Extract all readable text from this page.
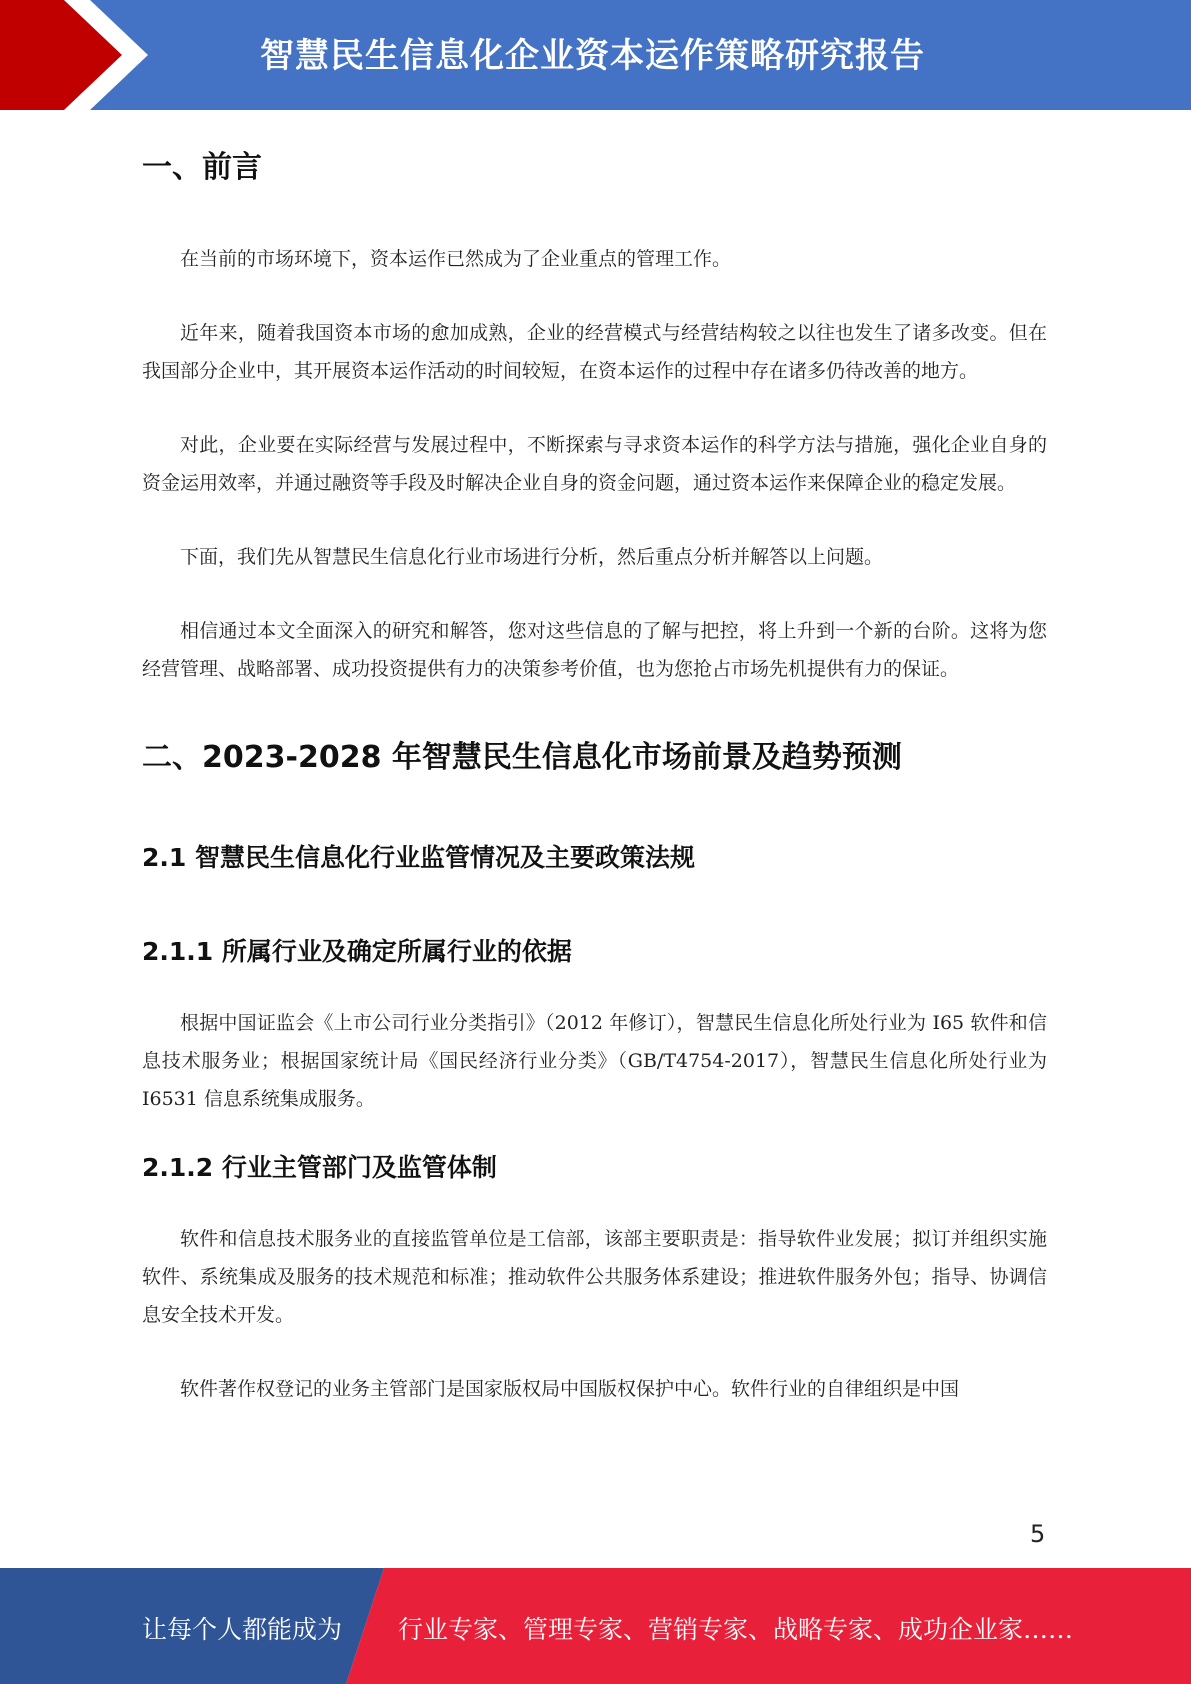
智慧民生信息化企业资本运作策略研究报告
一、前言

在当前的市场环境下，资本运作已然成为了企业重点的管理工作。

近年来，随着我国资本市场的愈加成熟，企业的经营模式与经营结构较之以往也发生了诸多改变。但在我国部分企业中，其开展资本运作活动的时间较短，在资本运作的过程中存在诸多仍待改善的地方。

对此，企业要在实际经营与发展过程中，不断探索与寻求资本运作的科学方法与措施，强化企业自身的资金运用效率，并通过融资等手段及时解决企业自身的资金问题，通过资本运作来保障企业的稳定发展。

下面，我们先从智慧民生信息化行业市场进行分析，然后重点分析并解答以上问题。

相信通过本文全面深入的研究和解答，您对这些信息的了解与把控，将上升到一个新的台阶。这将为您经营管理、战略部署、成功投资提供有力的决策参考价值，也为您抢占市场先机提供有力的保证。

二、2023-2028 年智慧民生信息化市场前景及趋势预测
2.1 智慧民生信息化行业监管情况及主要政策法规
2.1.1 所属行业及确定所属行业的依据

根据中国证监会《上市公司行业分类指引》（2012 年修订），智慧民生信息化所处行业为 I65 软件和信息技术服务业；根据国家统计局《国民经济行业分类》（GB/T4754-2017），智慧民生信息化所处行业为 I6531 信息系统集成服务。

2.1.2 行业主管部门及监管体制

软件和信息技术服务业的直接监管单位是工信部，该部主要职责是：指导软件业发展；拟订并组织实施软件、系统集成及服务的技术规范和标准；推动软件公共服务体系建设；推进软件服务外包；指导、协调信息安全技术开发。

软件著作权登记的业务主管部门是国家版权局中国版权保护中心。软件行业的自律组织是中国

5
让每个人都能成为 行业专家、管理专家、营销专家、战略专家、成功企业家……
